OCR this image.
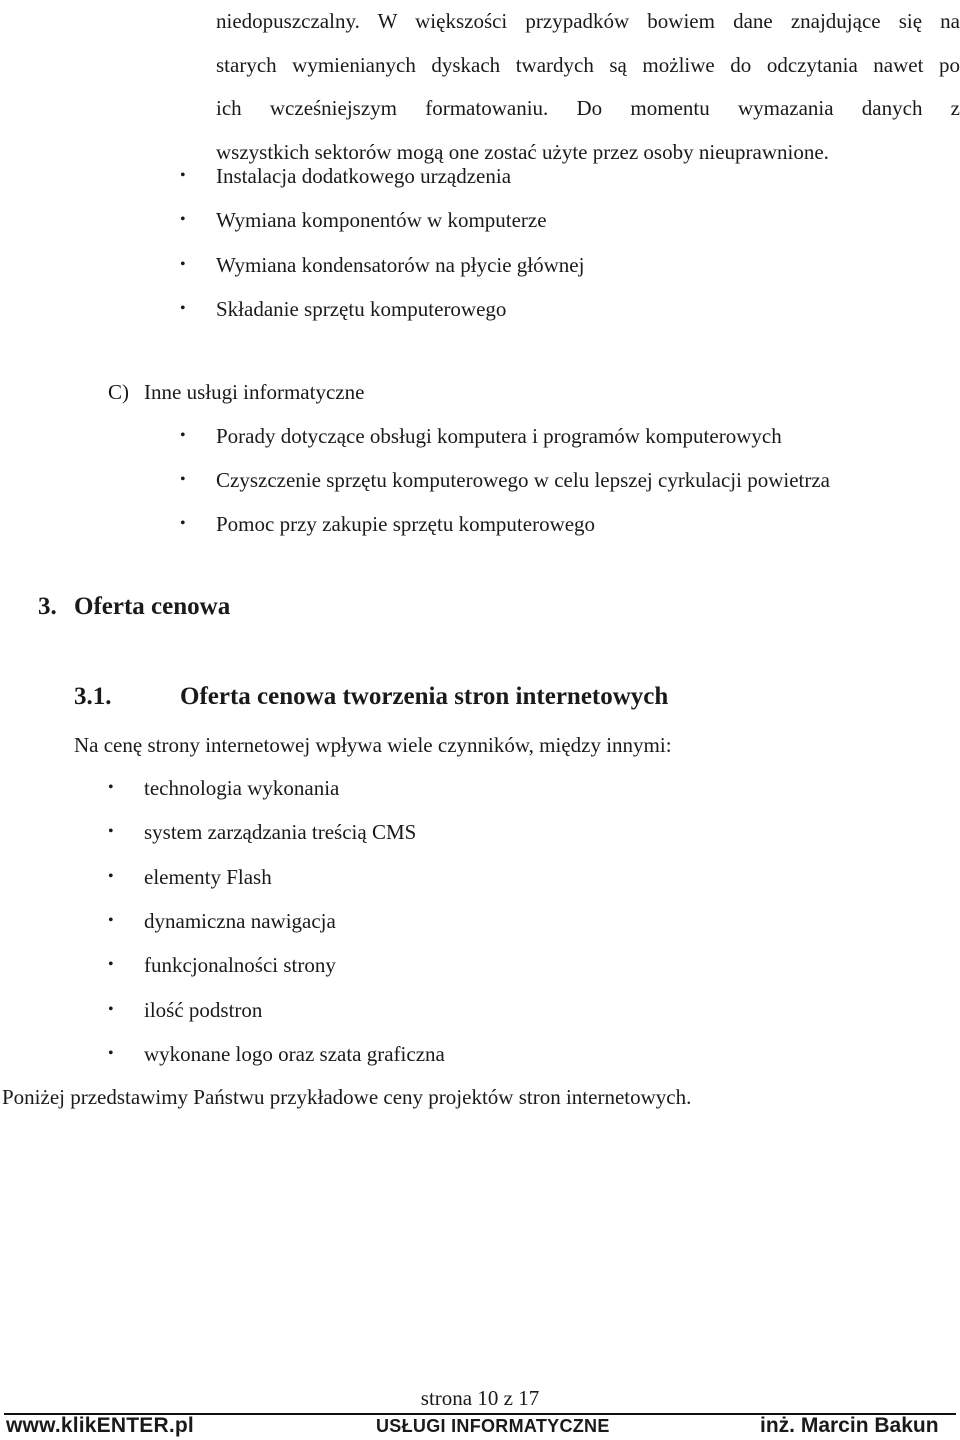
niedopuszczalny. W większości przypadków bowiem dane znajdujące się na
starych wymienianych dyskach twardych są możliwe do odczytania nawet po
ich wcześniejszym formatowaniu. Do momentu wymazania danych z
wszystkich sektorów mogą one zostać użyte przez osoby nieuprawnione.
• Instalacja dodatkowego urządzenia
• Wymiana komponentów w komputerze
• Wymiana kondensatorów na płycie głównej
• Składanie sprzętu komputerowego
C) Inne usługi informatyczne
• Porady dotyczące obsługi komputera i programów komputerowych
• Czyszczenie sprzętu komputerowego w celu lepszej cyrkulacji powietrza
• Pomoc przy zakupie sprzętu komputerowego
3. Oferta cenowa
3.1.	Oferta cenowa tworzenia stron internetowych
Na cenę strony internetowej wpływa wiele czynników, między innymi:
• technologia wykonania
• system zarządzania treścią CMS
• elementy Flash
• dynamiczna nawigacja
• funkcjonalności strony
• ilość podstron
• wykonane logo oraz szata graficzna
Poniżej przedstawimy Państwu przykładowe ceny projektów stron internetowych.
strona 10 z 17
www.klikENTER.pl	USŁUGI INFORMATYCZNE	inż. Marcin Bakun
